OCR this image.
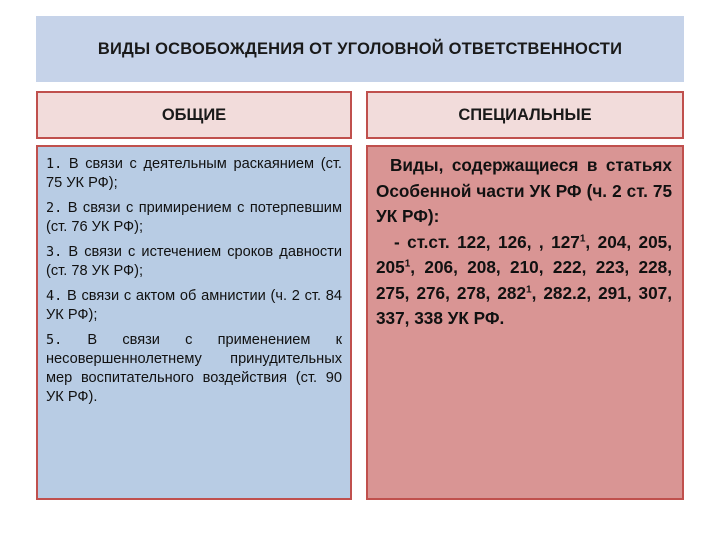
ВИДЫ ОСВОБОЖДЕНИЯ ОТ УГОЛОВНОЙ ОТВЕТСТВЕННОСТИ
ОБЩИЕ	СПЕЦИАЛЬНЫЕ

1. В связи с деятельным раскаянием (ст. 75 УК РФ);

2. В связи с примирением с потерпевшим (ст. 76 УК РФ);

3. В связи с истечением сроков давности (ст. 78 УК РФ);

4. В связи с актом об амнистии (ч. 2 ст. 84 УК РФ);

5. В связи с применением к несовершеннолетнему принудительных мер воспитательного воздействия (ст. 90 УК РФ).

Виды, содержащиеся в статьях Особенной части УК РФ (ч. 2 ст. 75 УК РФ):

- ст.ст. 122, 126, , $127^1$, 204, 205, $205^1$, 206, 208, 210, 222, 223, 228, 275, 276, 278, $282^1$, 282.2, 291, 307, 337, 338 УК РФ.
